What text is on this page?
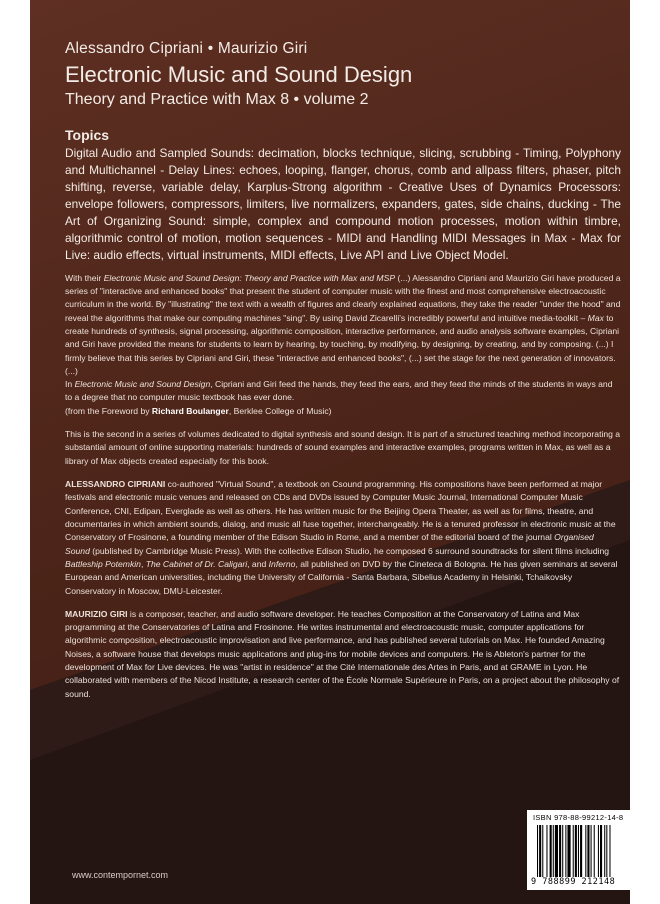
Alessandro Cipriani • Maurizio Giri
Electronic Music and Sound Design
Theory and Practice with Max 8 • volume 2
Topics
Digital Audio and Sampled Sounds: decimation, blocks technique, slicing, scrubbing - Timing, Polyphony and Multichannel - Delay Lines: echoes, looping, flanger, chorus, comb and allpass filters, phaser, pitch shifting, reverse, variable delay, Karplus-Strong algorithm - Creative Uses of Dynamics Processors: envelope followers, compressors, limiters, live normalizers, expanders, gates, side chains, ducking - The Art of Organizing Sound: simple, complex and compound motion processes, motion within timbre, algorithmic control of motion, motion sequences - MIDI and Handling MIDI Messages in Max - Max for Live: audio effects, virtual instruments, MIDI effects, Live API and Live Object Model.
With their Electronic Music and Sound Design: Theory and Practice with Max and MSP (...) Alessandro Cipriani and Maurizio Giri have produced a series of "interactive and enhanced books" that present the student of computer music with the finest and most comprehensive electroacoustic curriculum in the world. By "illustrating" the text with a wealth of figures and clearly explained equations, they take the reader "under the hood" and reveal the algorithms that make our computing machines "sing". By using David Zicarelli's incredibly powerful and intuitive media-toolkit – Max to create hundreds of synthesis, signal processing, algorithmic composition, interactive performance, and audio analysis software examples, Cipriani and Giri have provided the means for students to learn by hearing, by touching, by modifying, by designing, by creating, and by composing. (...) I firmly believe that this series by Cipriani and Giri, these "interactive and enhanced books", (...) set the stage for the next generation of innovators. (...)
In Electronic Music and Sound Design, Cipriani and Giri feed the hands, they feed the ears, and they feed the minds of the students in ways and to a degree that no computer music textbook has ever done.
(from the Foreword by Richard Boulanger, Berklee College of Music)
This is the second in a series of volumes dedicated to digital synthesis and sound design. It is part of a structured teaching method incorporating a substantial amount of online supporting materials: hundreds of sound examples and interactive examples, programs written in Max, as well as a library of Max objects created especially for this book.
ALESSANDRO CIPRIANI co-authored "Virtual Sound", a textbook on Csound programming. His compositions have been performed at major festivals and electronic music venues and released on CDs and DVDs issued by Computer Music Journal, International Computer Music Conference, CNI, Edipan, Everglade as well as others. He has written music for the Beijing Opera Theater, as well as for films, theatre, and documentaries in which ambient sounds, dialog, and music all fuse together, interchangeably. He is a tenured professor in electronic music at the Conservatory of Frosinone, a founding member of the Edison Studio in Rome, and a member of the editorial board of the journal Organised Sound (published by Cambridge Music Press). With the collective Edison Studio, he composed 6 surround soundtracks for silent films including Battleship Potemkin, The Cabinet of Dr. Caligari, and Inferno, all published on DVD by the Cineteca di Bologna. He has given seminars at several European and American universities, including the University of California - Santa Barbara, Sibelius Academy in Helsinki, Tchaikovsky Conservatory in Moscow, DMU-Leicester.
MAURIZIO GIRI is a composer, teacher, and audio software developer. He teaches Composition at the Conservatory of Latina and Max programming at the Conservatories of Latina and Frosinone. He writes instrumental and electroacoustic music, computer applications for algorithmic composition, electroacoustic improvisation and live performance, and has published several tutorials on Max. He founded Amazing Noises, a software house that develops music applications and plug-ins for mobile devices and computers. He is Ableton's partner for the development of Max for Live devices. He was "artist in residence" at the Cité Internationale des Artes in Paris, and at GRAME in Lyon. He collaborated with members of the Nicod Institute, a research center of the École Normale Supérieure in Paris, on a project about the philosophy of sound.
www.contempornet.com
ISBN 978-88-99212-14-8
9 788899 212148
